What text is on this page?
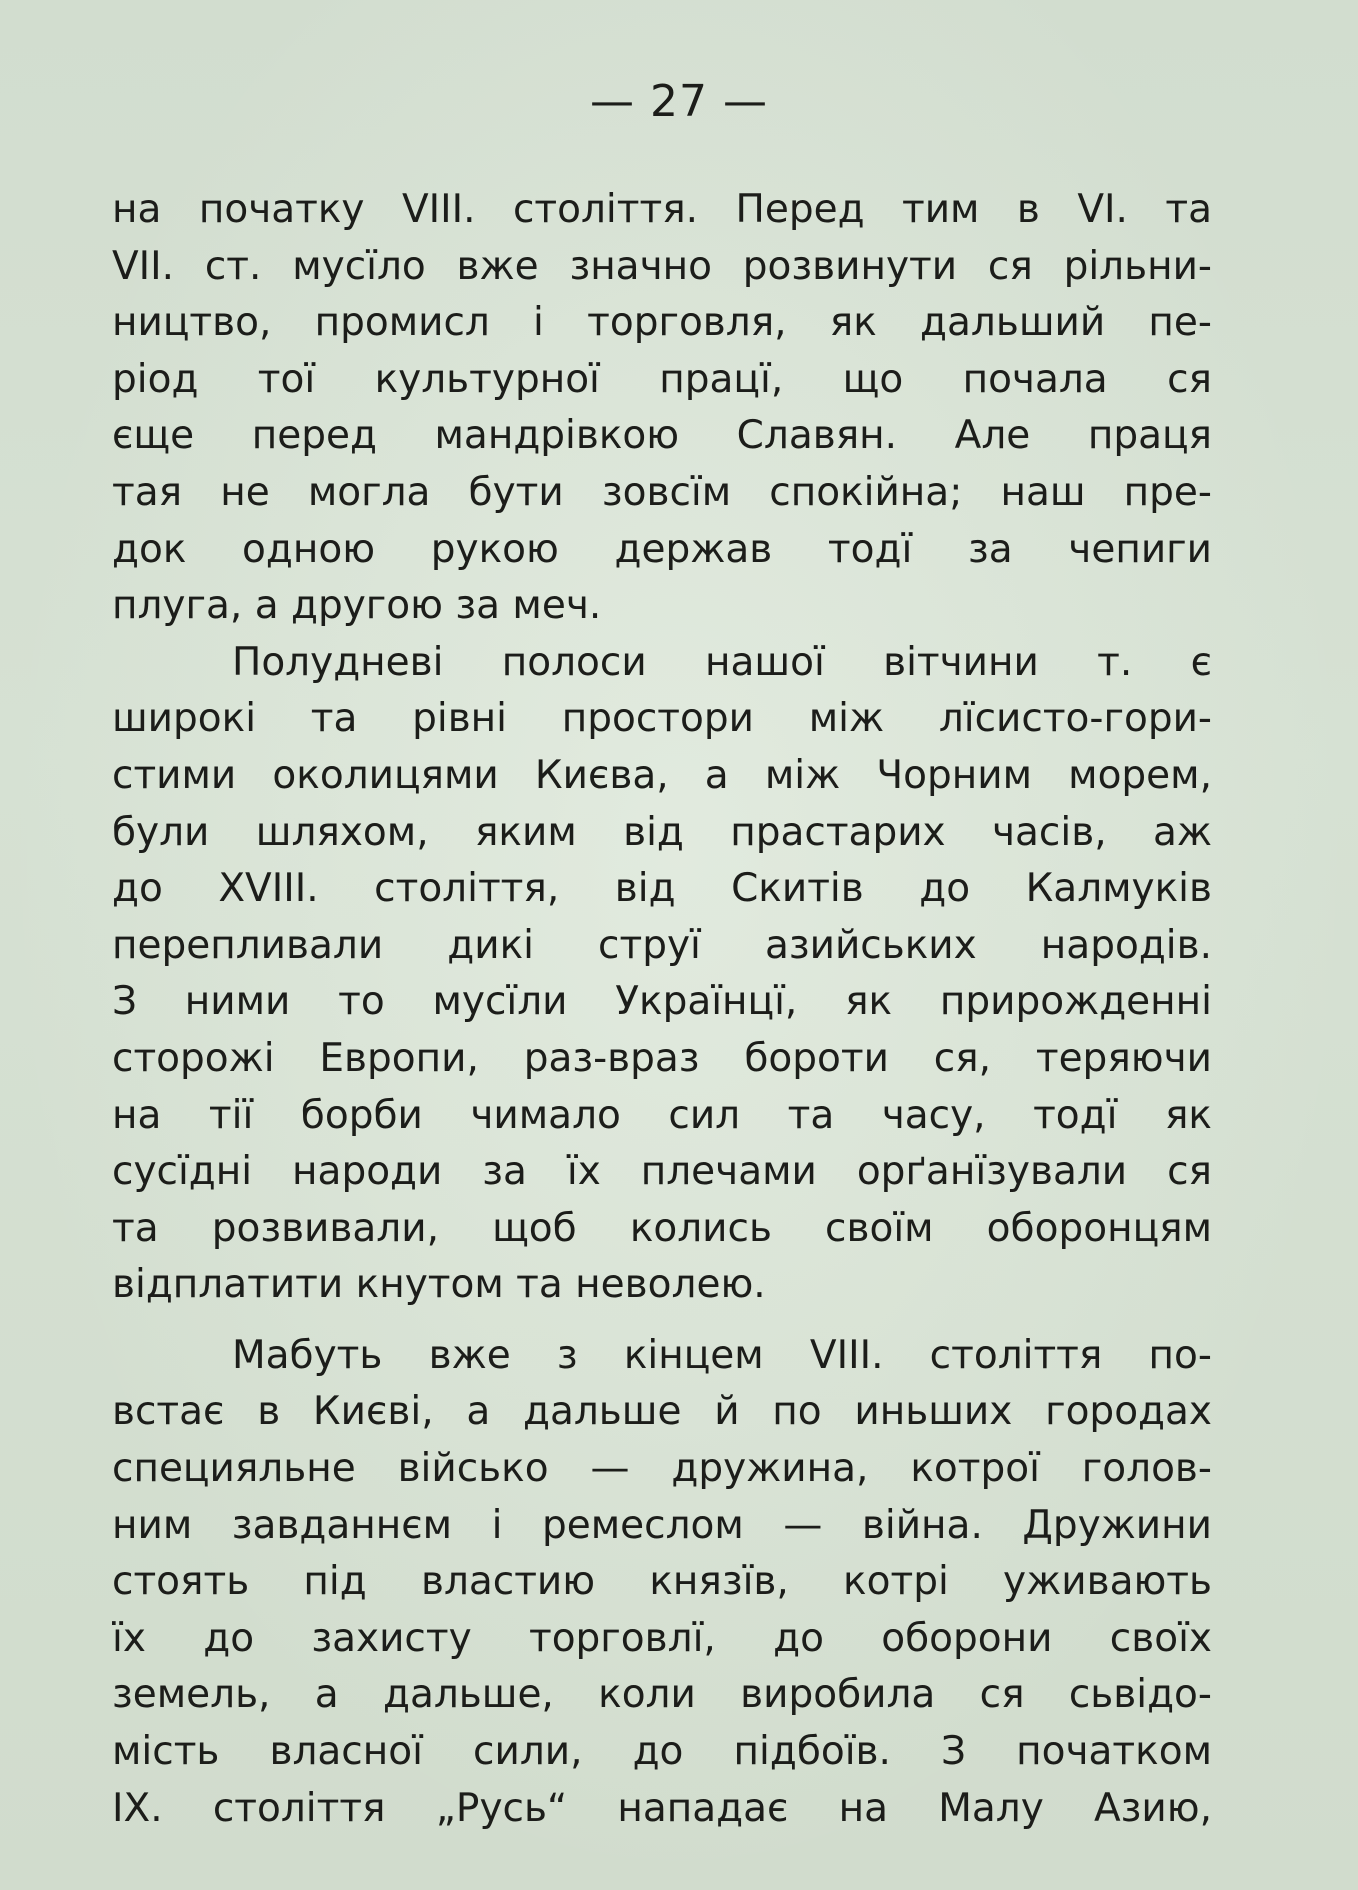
— 27 —
на початку VIII. століття. Перед тим в VI. та
VII. ст. мусїло вже значно розвинути ся рільни-
ництво, промисл і торговля, як дальший пе-
ріод тої культурної працї, що почала ся
єще перед мандрівкою Славян. Але праця
тая не могла бути зовсїм спокійна; наш пре-
док одною рукою держав тодї за чепиги
плуга, а другою за меч.
Полудневі полоси нашої вітчини т. є
широкі та рівні простори між лїсисто-гори-
стими околицями Києва, а між Чорним морем,
були шляхом, яким від прастарих часів, аж
до XVIII. століття, від Скитів до Калмуків
перепливали дикі струї азийських народів.
З ними то мусїли Українцї, як прирожденні
сторожі Европи, раз-враз бороти ся, теряючи
на тії борби чимало сил та часу, тодї як
сусїдні народи за їх плечами орґанїзували ся
та розвивали, щоб колись своїм оборонцям
відплатити кнутом та неволею.
Мабуть вже з кінцем VIII. століття по-
встає в Києві, а дальше й по иньших городах
специяльне військо — дружина, котрої голов-
ним завданнєм і ремеслом — війна. Дружини
стоять під властию князїв, котрі уживають
їх до захисту торговлї, до оборони своїх
земель, а дальше, коли виробила ся сьвідо-
мість власної сили, до підбоїв. З початком
IX. століття „Русь“ нападає на Малу Азию,
